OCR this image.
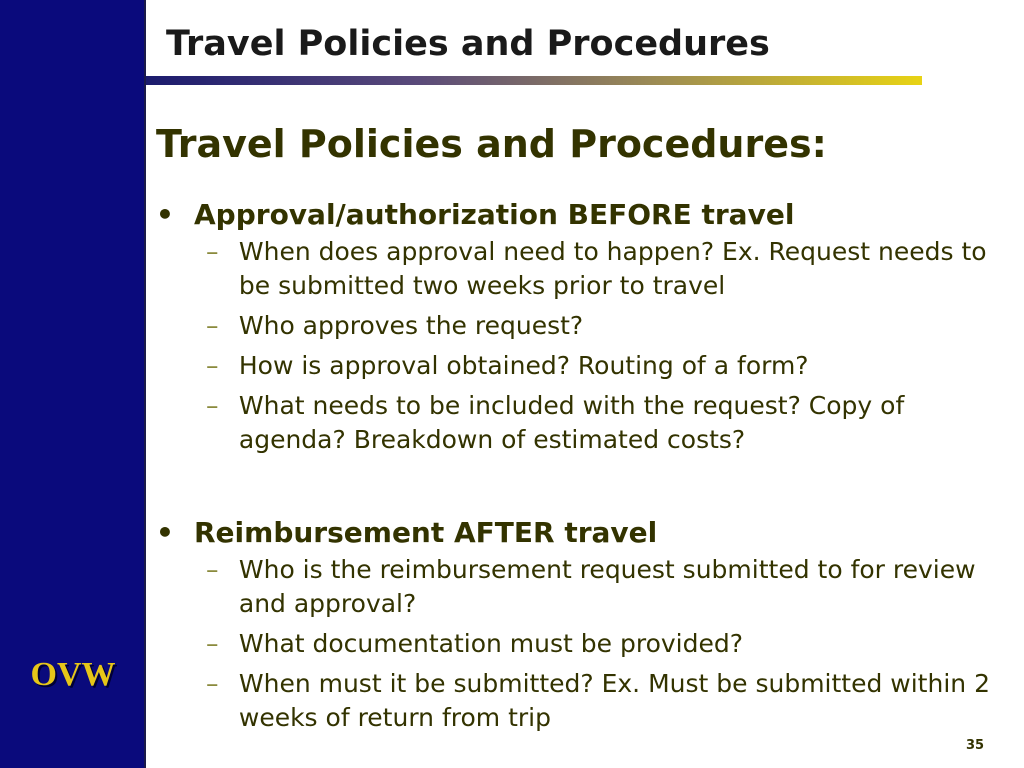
OVW
Travel Policies and Procedures
Travel Policies and Procedures:
• Approval/authorization BEFORE travel
– When does approval need to happen? Ex. Request needs to be submitted two weeks prior to travel
– Who approves the request?
– How is approval obtained? Routing of a form?
– What needs to be included with the request? Copy of agenda? Breakdown of estimated costs?
• Reimbursement AFTER travel
– Who is the reimbursement request submitted to for review and approval?
– What documentation must be provided?
– When must it be submitted? Ex. Must be submitted within 2 weeks of return from trip
35
